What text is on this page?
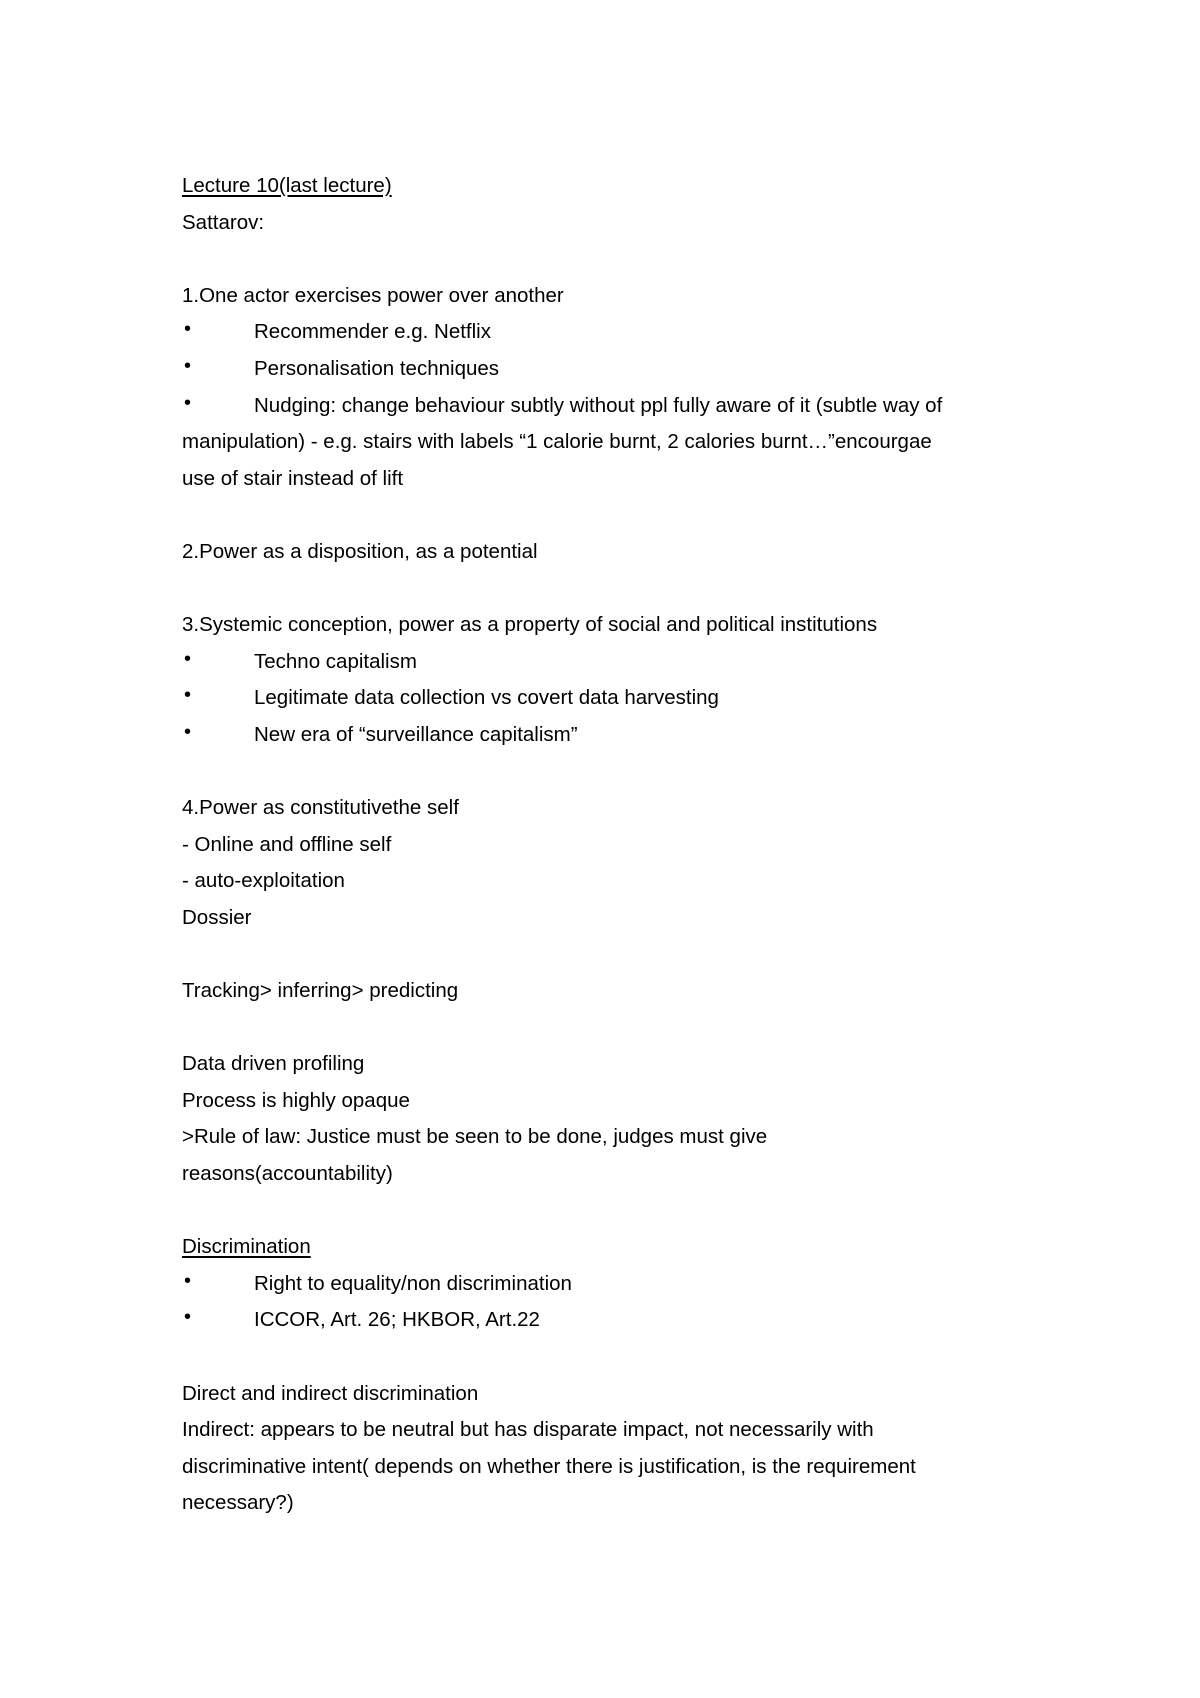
Lecture 10(last lecture)
Sattarov:
1.One actor exercises power over another
•	Recommender e.g. Netflix
•	Personalisation techniques
•	Nudging: change behaviour subtly without ppl fully aware of it (subtle way of
manipulation) - e.g. stairs with labels “1 calorie burnt, 2 calories burnt…”encourgae
use of stair instead of lift
2.Power as a disposition, as a potential
3.Systemic conception, power as a property of social and political institutions
•	Techno capitalism
•	Legitimate data collection vs covert data harvesting
•	New era of “surveillance capitalism”
4.Power as constitutivethe self
- Online and offline self
- auto-exploitation
Dossier
Tracking> inferring> predicting
Data driven profiling
Process is highly opaque
>Rule of law: Justice must be seen to be done, judges must give
reasons(accountability)
Discrimination
•	Right to equality/non discrimination
•	ICCOR, Art. 26; HKBOR, Art.22
Direct and indirect discrimination
Indirect: appears to be neutral but has disparate impact, not necessarily with
discriminative intent( depends on whether there is justification, is the requirement
necessary?)
